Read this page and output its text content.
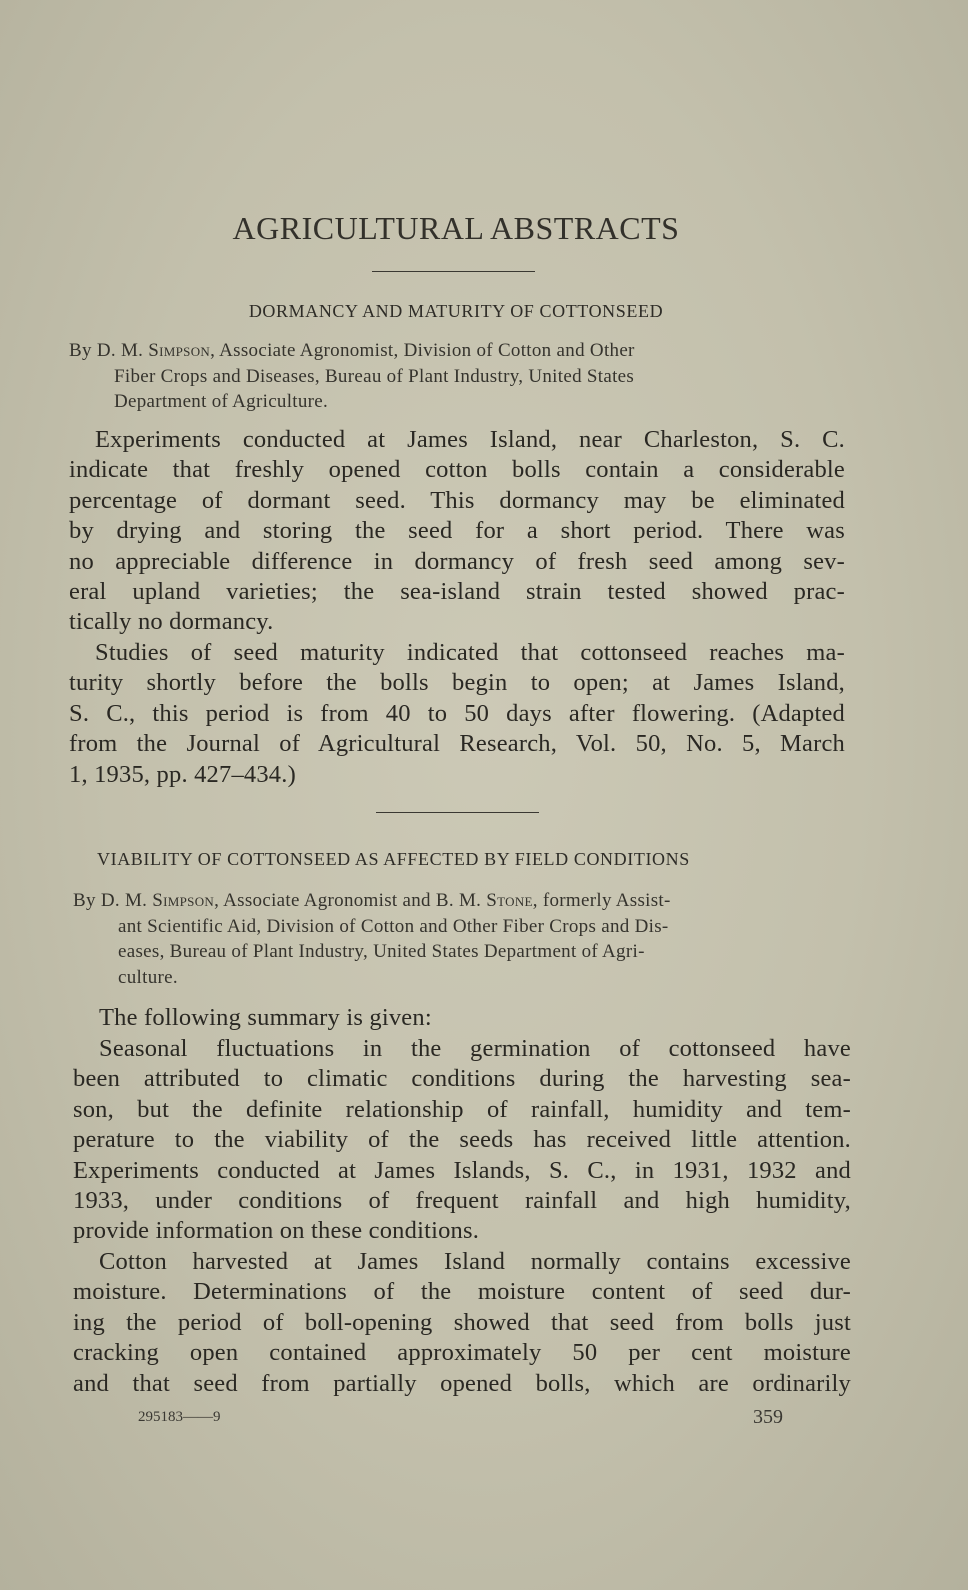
AGRICULTURAL ABSTRACTS
DORMANCY AND MATURITY OF COTTONSEED
By D. M. Simpson, Associate Agronomist, Division of Cotton and Other
Fiber Crops and Diseases, Bureau of Plant Industry, United States
Department of Agriculture.
Experiments conducted at James Island, near Charleston, S. C.
indicate that freshly opened cotton bolls contain a considerable
percentage of dormant seed. This dormancy may be eliminated
by drying and storing the seed for a short period. There was
no appreciable difference in dormancy of fresh seed among sev-
eral upland varieties; the sea-island strain tested showed prac-
tically no dormancy.
Studies of seed maturity indicated that cottonseed reaches ma-
turity shortly before the bolls begin to open; at James Island,
S. C., this period is from 40 to 50 days after flowering. (Adapted
from the Journal of Agricultural Research, Vol. 50, No. 5, March
1, 1935, pp. 427–434.)
VIABILITY OF COTTONSEED AS AFFECTED BY FIELD CONDITIONS
By D. M. Simpson, Associate Agronomist and B. M. Stone, formerly Assist-
ant Scientific Aid, Division of Cotton and Other Fiber Crops and Dis-
eases, Bureau of Plant Industry, United States Department of Agri-
culture.
The following summary is given:
Seasonal fluctuations in the germination of cottonseed have
been attributed to climatic conditions during the harvesting sea-
son, but the definite relationship of rainfall, humidity and tem-
perature to the viability of the seeds has received little attention.
Experiments conducted at James Islands, S. C., in 1931, 1932 and
1933, under conditions of frequent rainfall and high humidity,
provide information on these conditions.
Cotton harvested at James Island normally contains excessive
moisture. Determinations of the moisture content of seed dur-
ing the period of boll-opening showed that seed from bolls just
cracking open contained approximately 50 per cent moisture
and that seed from partially opened bolls, which are ordinarily
295183——9	359
